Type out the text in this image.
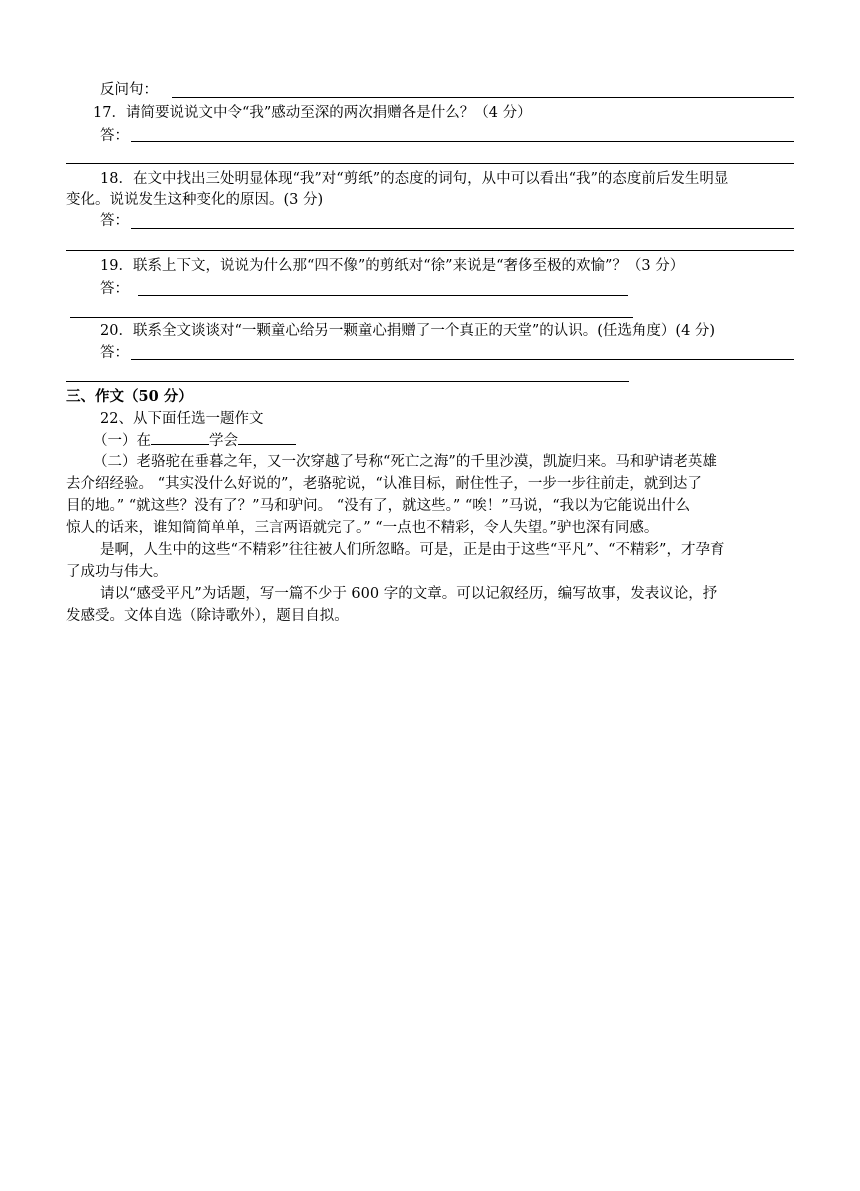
反问句：
17．请简要说说文中令“我”感动至深的两次捐赠各是什么？（4 分）
答：
18．在文中找出三处明显体现“我”对“剪纸”的态度的词句，从中可以看出“我”的态度前后发生明显
变化。说说发生这种变化的原因。(3 分)
答：
19．联系上下文，说说为什么那“四不像”的剪纸对“徐”来说是“奢侈至极的欢愉”？（3 分）
答：
20．联系全文谈谈对“一颗童心给另一颗童心捐赠了一个真正的天堂”的认识。(任选角度）(4 分)
答：
三、作文（50 分）
22、从下面任选一题作文
（一）在	学会
（二）老骆驼在垂暮之年，又一次穿越了号称“死亡之海”的千里沙漠，凯旋归来。马和驴请老英雄
去介绍经验。 “其实没什么好说的”，老骆驼说，“认准目标，耐住性子，一步一步往前走，就到达了
目的地。” “就这些？没有了？”马和驴问。 “没有了，就这些。” “唉！”马说，“我以为它能说出什么
惊人的话来，谁知简简单单，三言两语就完了。” “一点也不精彩，令人失望。”驴也深有同感。
是啊，人生中的这些“不精彩”往往被人们所忽略。可是，正是由于这些“平凡”、“不精彩”，才孕育
了成功与伟大。
请以“感受平凡”为话题，写一篇不少于 600 字的文章。可以记叙经历，编写故事，发表议论，抒
发感受。文体自选（除诗歌外），题目自拟。
